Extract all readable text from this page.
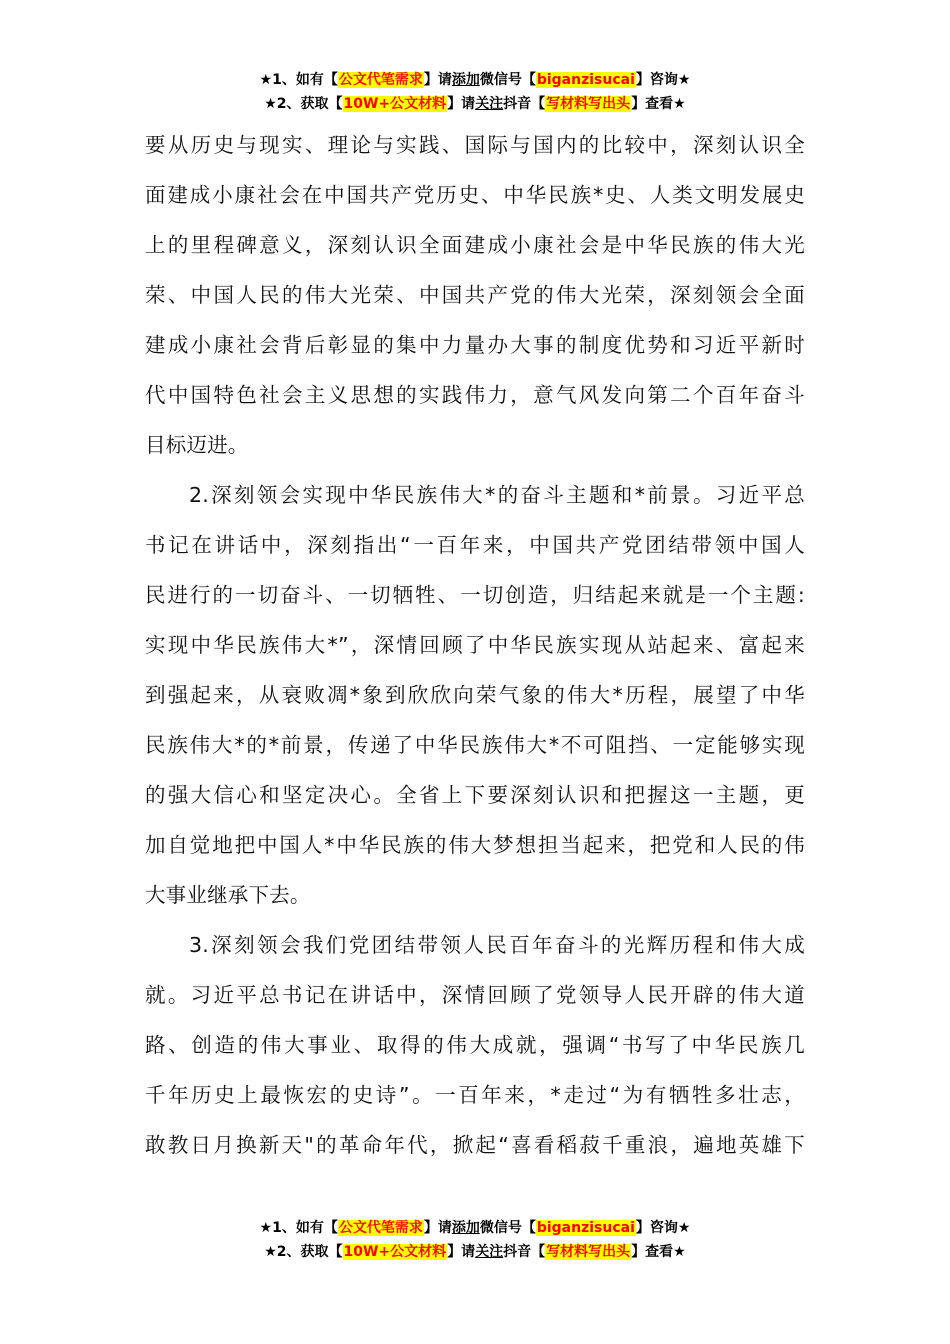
★1、如有【公文代笔需求】请添加微信号【biganzisucai】咨询★
★2、获取【10W+公文材料】请关注抖音【写材料写出头】查看★

要从历史与现实、理论与实践、国际与国内的比较中，深刻认识全
面建成小康社会在中国共产党历史、中华民族*史、人类文明发展史
上的里程碑意义，深刻认识全面建成小康社会是中华民族的伟大光
荣、中国人民的伟大光荣、中国共产党的伟大光荣，深刻领会全面
建成小康社会背后彰显的集中力量办大事的制度优势和习近平新时
代中国特色社会主义思想的实践伟力，意气风发向第二个百年奋斗
目标迈进。

2.深刻领会实现中华民族伟大*的奋斗主题和*前景。习近平总
书记在讲话中，深刻指出“一百年来，中国共产党团结带领中国人
民进行的一切奋斗、一切牺牲、一切创造，归结起来就是一个主题:
实现中华民族伟大*”，深情回顾了中华民族实现从站起来、富起来
到强起来，从衰败凋*象到欣欣向荣气象的伟大*历程，展望了中华
民族伟大*的*前景，传递了中华民族伟大*不可阻挡、一定能够实现
的强大信心和坚定决心。全省上下要深刻认识和把握这一主题，更
加自觉地把中国人*中华民族的伟大梦想担当起来，把党和人民的伟
大事业继承下去。

3.深刻领会我们党团结带领人民百年奋斗的光辉历程和伟大成
就。习近平总书记在讲话中，深情回顾了党领导人民开辟的伟大道
路、创造的伟大事业、取得的伟大成就，强调“书写了中华民族几
千年历史上最恢宏的史诗”。一百年来，*走过“为有牺牲多壮志，
敢教日月换新天"的革命年代，掀起“喜看稻菽千重浪，遍地英雄下

★1、如有【公文代笔需求】请添加微信号【biganzisucai】咨询★
★2、获取【10W+公文材料】请关注抖音【写材料写出头】查看★
